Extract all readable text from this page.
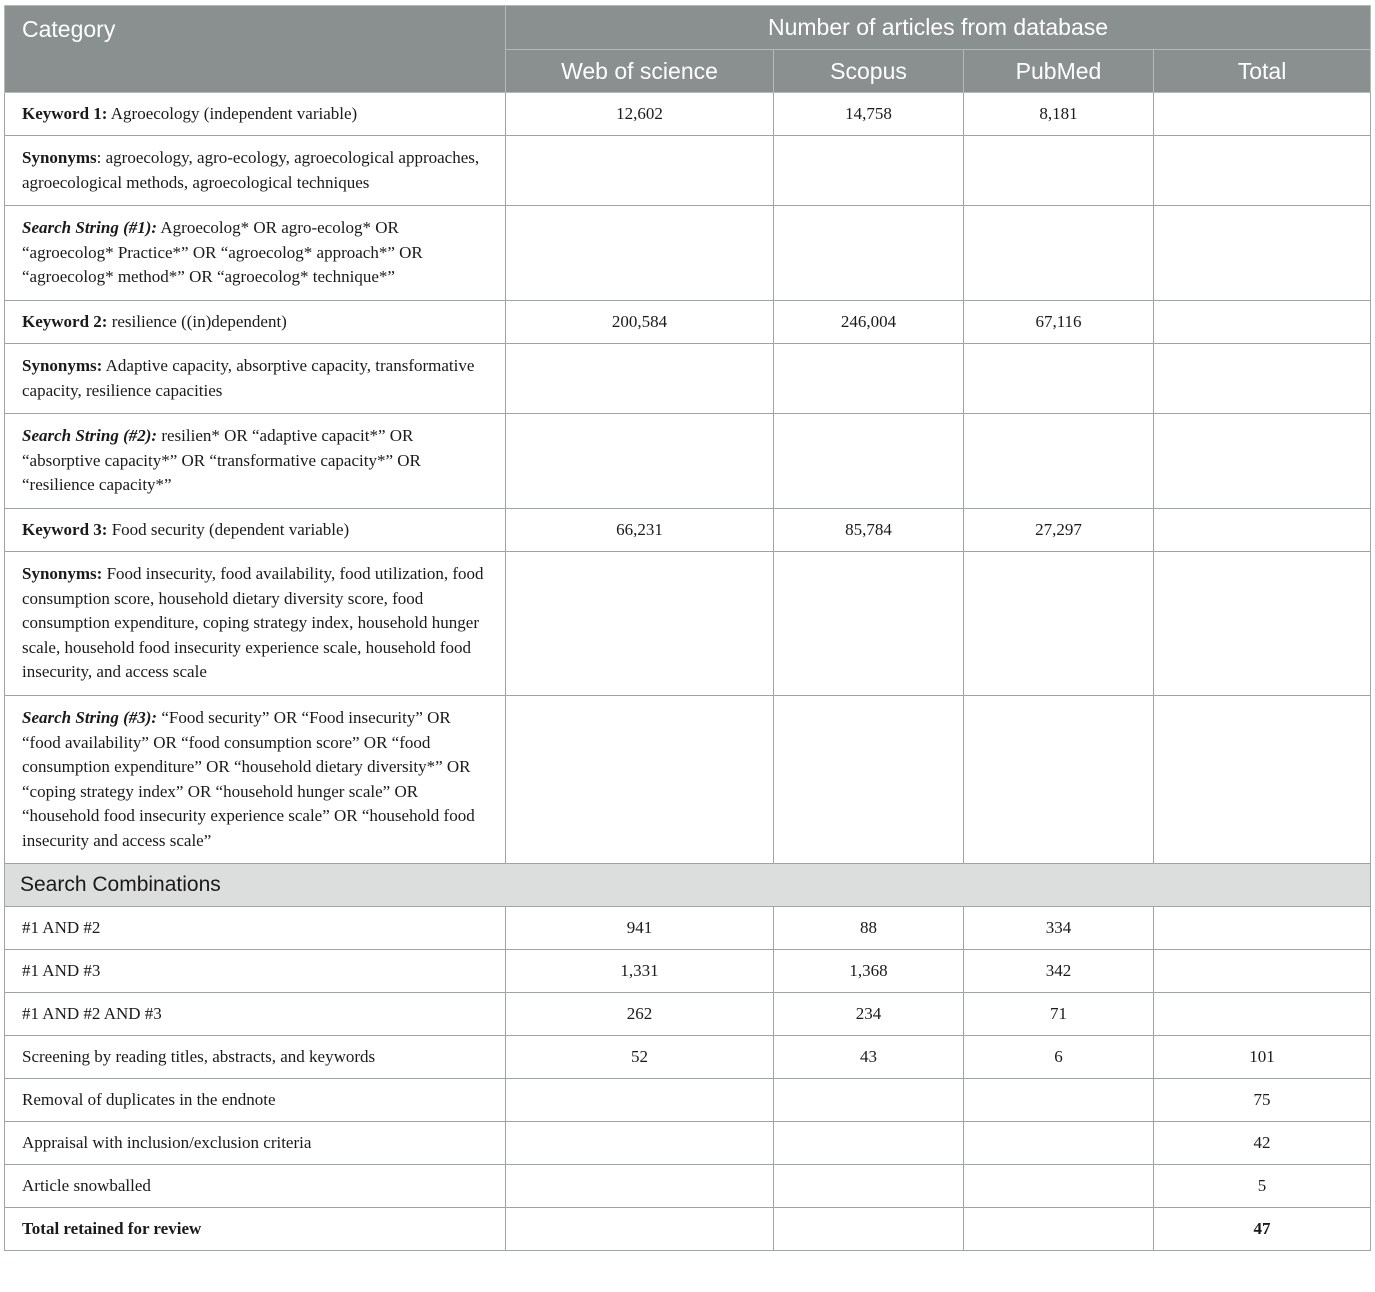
Category	Number of articles from database			
	Web of science	Scopus	PubMed	Total
Keyword 1: Agroecology (independent variable)	12,602	14,758	8,181	
Synonyms: agroecology, agro-ecology, agroecological approaches, agroecological methods, agroecological techniques				
Search String (#1): Agroecolog* OR agro-ecolog* OR “agroecolog* Practice*” OR “agroecolog* approach*” OR “agroecolog* method*” OR “agroecolog* technique*”				
Keyword 2: resilience ((in)dependent)	200,584	246,004	67,116	
Synonyms: Adaptive capacity, absorptive capacity, transformative capacity, resilience capacities				
Search String (#2): resilien* OR “adaptive capacit*” OR “absorptive capacity*” OR “transformative capacity*” OR “resilience capacity*”				
Keyword 3: Food security (dependent variable)	66,231	85,784	27,297	
Synonyms: Food insecurity, food availability, food utilization, food consumption score, household dietary diversity score, food consumption expenditure, coping strategy index, household hunger scale, household food insecurity experience scale, household food insecurity, and access scale				
Search String (#3): “Food security” OR “Food insecurity” OR “food availability” OR “food consumption score” OR “food consumption expenditure” OR “household dietary diversity*” OR “coping strategy index” OR “household hunger scale” OR “household food insecurity experience scale” OR “household food insecurity and access scale”				
Search Combinations				
#1 AND #2	941	88	334	
#1 AND #3	1,331	1,368	342	
#1 AND #2 AND #3	262	234	71	
Screening by reading titles, abstracts, and keywords	52	43	6	101
Removal of duplicates in the endnote				75
Appraisal with inclusion/exclusion criteria				42
Article snowballed				5
Total retained for review				47
